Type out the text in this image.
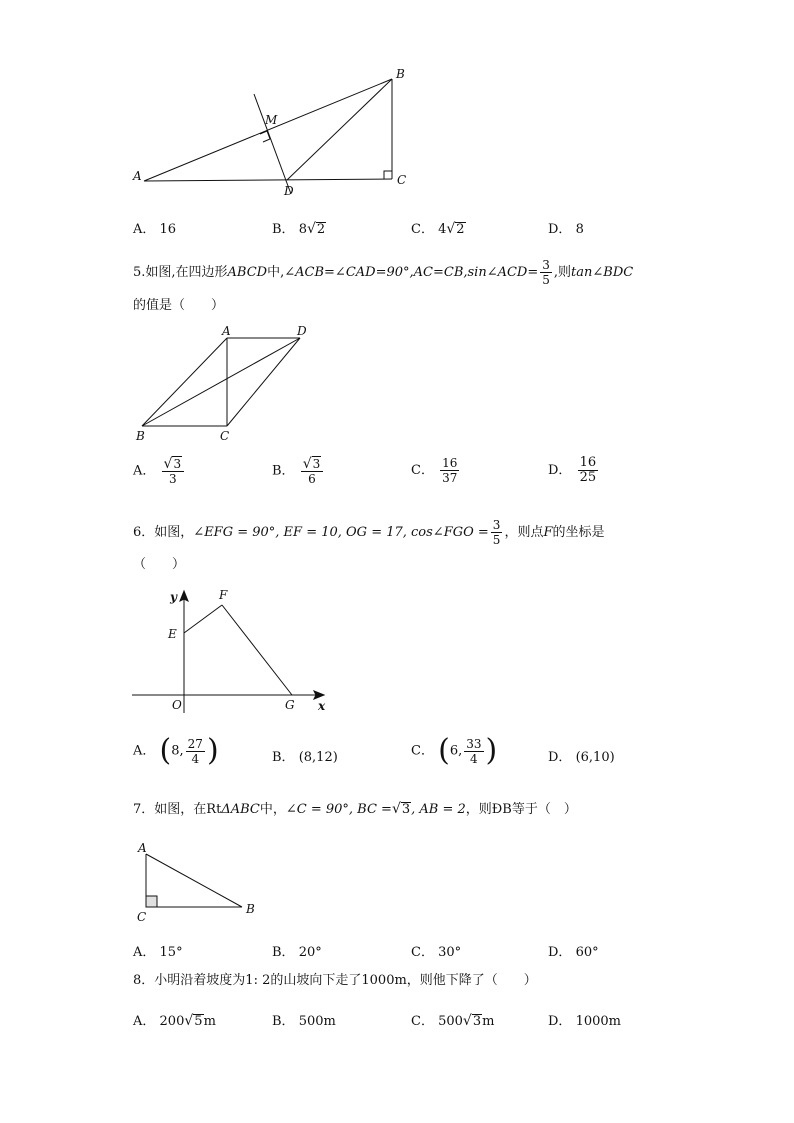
A
B
C
D
M
A． 16	B． 8√2	C． 4√2	D． 8
5.如图,在四边形ABCD中,∠ACB=∠CAD=90°,AC=CB,sin∠ACD= $\frac{3}{5}$ ,则tan∠BDC
的值是（　　）
A	D
B	C
A． $\frac{√3}{3}$	B． $\frac{√3}{6}$	C． $\frac{16}{37}$	D． $\frac{16}{25}$
6．如图，∠EFG = 90°, EF = 10, OG = 17, cos∠FGO = $\frac{3}{5}$ ，则点F的坐标是
（　　）
y
x
F
E
O	G
A． (8, $\frac{27}{4}$ )	B． (8,12)	C． (6, $\frac{33}{4}$ )	D． (6,10)
7．如图，在RtΔABC中，∠C = 90°, BC =√3, AB = 2，则ÐB等于（　）
A
B
C
A． 15°	B． 20°	C． 30°	D． 60°
8．小明沿着坡度为1: 2的山坡向下走了1000m，则他下降了（　　）
A． 200√5m	B． 500m	C． 500√3m	D． 1000m
